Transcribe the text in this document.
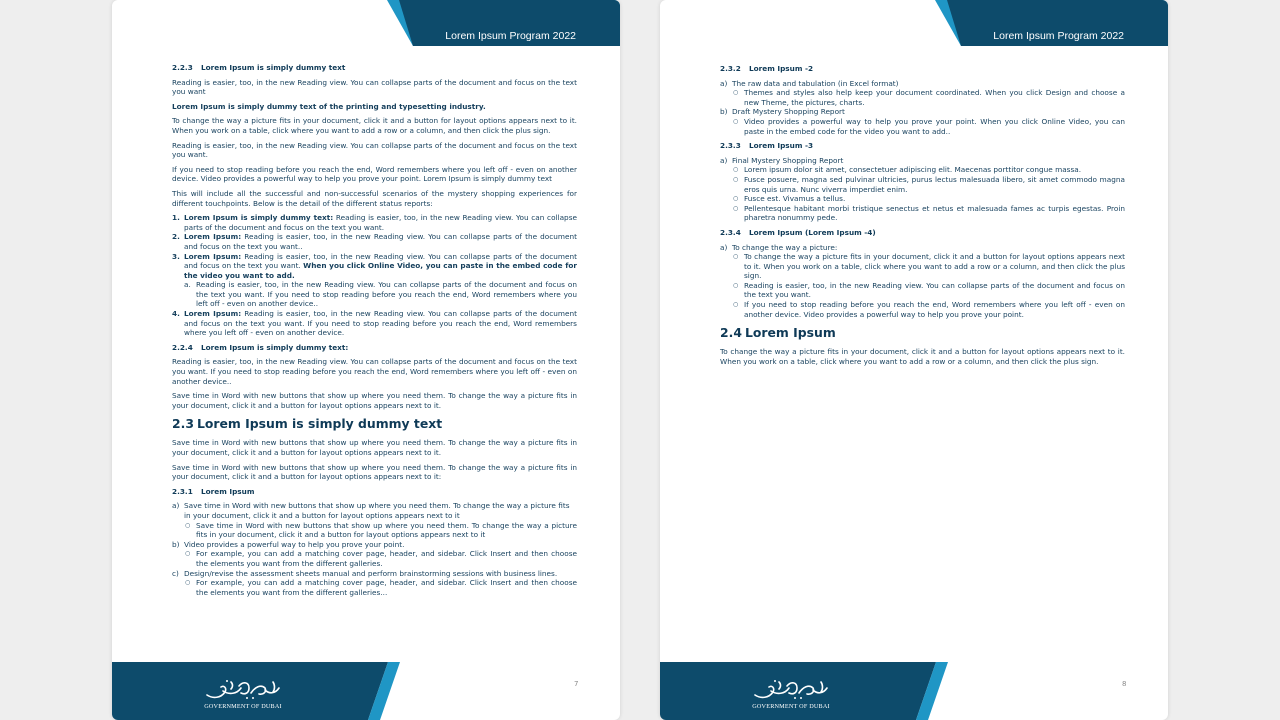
Lorem Ipsum Program 2022
2.2.3 Lorem Ipsum is simply dummy text

Reading is easier, too, in the new Reading view. You can collapse parts of the document and focus on the text you want

Lorem Ipsum is simply dummy text of the printing and typesetting industry.

To change the way a picture fits in your document, click it and a button for layout options appears next to it. When you work on a table, click where you want to add a row or a column, and then click the plus sign.

Reading is easier, too, in the new Reading view. You can collapse parts of the document and focus on the text you want.

If you need to stop reading before you reach the end, Word remembers where you left off - even on another device. Video provides a powerful way to help you prove your point. Lorem Ipsum is simply dummy text

This will include all the successful and non-successful scenarios of the mystery shopping experiences for different touchpoints. Below is the detail of the different status reports:

1. Lorem Ipsum is simply dummy text: Reading is easier, too, in the new Reading view. You can collapse parts of the document and focus on the text you want.
2. Lorem Ipsum: Reading is easier, too, in the new Reading view. You can collapse parts of the document and focus on the text you want..
3. Lorem Ipsum: Reading is easier, too, in the new Reading view. You can collapse parts of the document and focus on the text you want. When you click Online Video, you can paste in the embed code for the video you want to add.
a. Reading is easier, too, in the new Reading view. You can collapse parts of the document and focus on the text you want. If you need to stop reading before you reach the end, Word remembers where you left off - even on another device..
4. Lorem Ipsum: Reading is easier, too, in the new Reading view. You can collapse parts of the document and focus on the text you want. If you need to stop reading before you reach the end, Word remembers where you left off - even on another device.
2.2.4 Lorem Ipsum is simply dummy text:

Reading is easier, too, in the new Reading view. You can collapse parts of the document and focus on the text you want. If you need to stop reading before you reach the end, Word remembers where you left off - even on another device..

Save time in Word with new buttons that show up where you need them. To change the way a picture fits in your document, click it and a button for layout options appears next to it.

2.3 Lorem Ipsum is simply dummy text

Save time in Word with new buttons that show up where you need them. To change the way a picture fits in your document, click it and a button for layout options appears next to it.

Save time in Word with new buttons that show up where you need them. To change the way a picture fits in your document, click it and a button for layout options appears next to it:

2.3.1 Lorem Ipsum
a) Save time in Word with new buttons that show up where you need them. To change the way a picture fits in your document, click it and a button for layout options appears next to it
○ Save time in Word with new buttons that show up where you need them. To change the way a picture fits in your document, click it and a button for layout options appears next to it
b) Video provides a powerful way to help you prove your point.
○ For example, you can add a matching cover page, header, and sidebar. Click Insert and then choose the elements you want from the different galleries.
c) Design/revise the assessment sheets manual and perform brainstorming sessions with business lines.
○ For example, you can add a matching cover page, header, and sidebar. Click Insert and then choose the elements you want from the different galleries...
GOVERNMENT OF DUBAI
7
Lorem Ipsum Program 2022
2.3.2 Lorem Ipsum -2
a) The raw data and tabulation (in Excel format)
○ Themes and styles also help keep your document coordinated. When you click Design and choose a new Theme, the pictures, charts.
b) Draft Mystery Shopping Report
○ Video provides a powerful way to help you prove your point. When you click Online Video, you can paste in the embed code for the video you want to add..
2.3.3 Lorem Ipsum -3
a) Final Mystery Shopping Report
○ Lorem ipsum dolor sit amet, consectetuer adipiscing elit. Maecenas porttitor congue massa.
○ Fusce posuere, magna sed pulvinar ultricies, purus lectus malesuada libero, sit amet commodo magna eros quis urna. Nunc viverra imperdiet enim.
○ Fusce est. Vivamus a tellus.
○ Pellentesque habitant morbi tristique senectus et netus et malesuada fames ac turpis egestas. Proin pharetra nonummy pede.
2.3.4 Lorem Ipsum (Lorem Ipsum -4)
a) To change the way a picture:
○ To change the way a picture fits in your document, click it and a button for layout options appears next to it. When you work on a table, click where you want to add a row or a column, and then click the plus sign.
○ Reading is easier, too, in the new Reading view. You can collapse parts of the document and focus on the text you want.
○ If you need to stop reading before you reach the end, Word remembers where you left off - even on another device. Video provides a powerful way to help you prove your point.
2.4 Lorem Ipsum

To change the way a picture fits in your document, click it and a button for layout options appears next to it. When you work on a table, click where you want to add a row or a column, and then click the plus sign.

GOVERNMENT OF DUBAI
8
